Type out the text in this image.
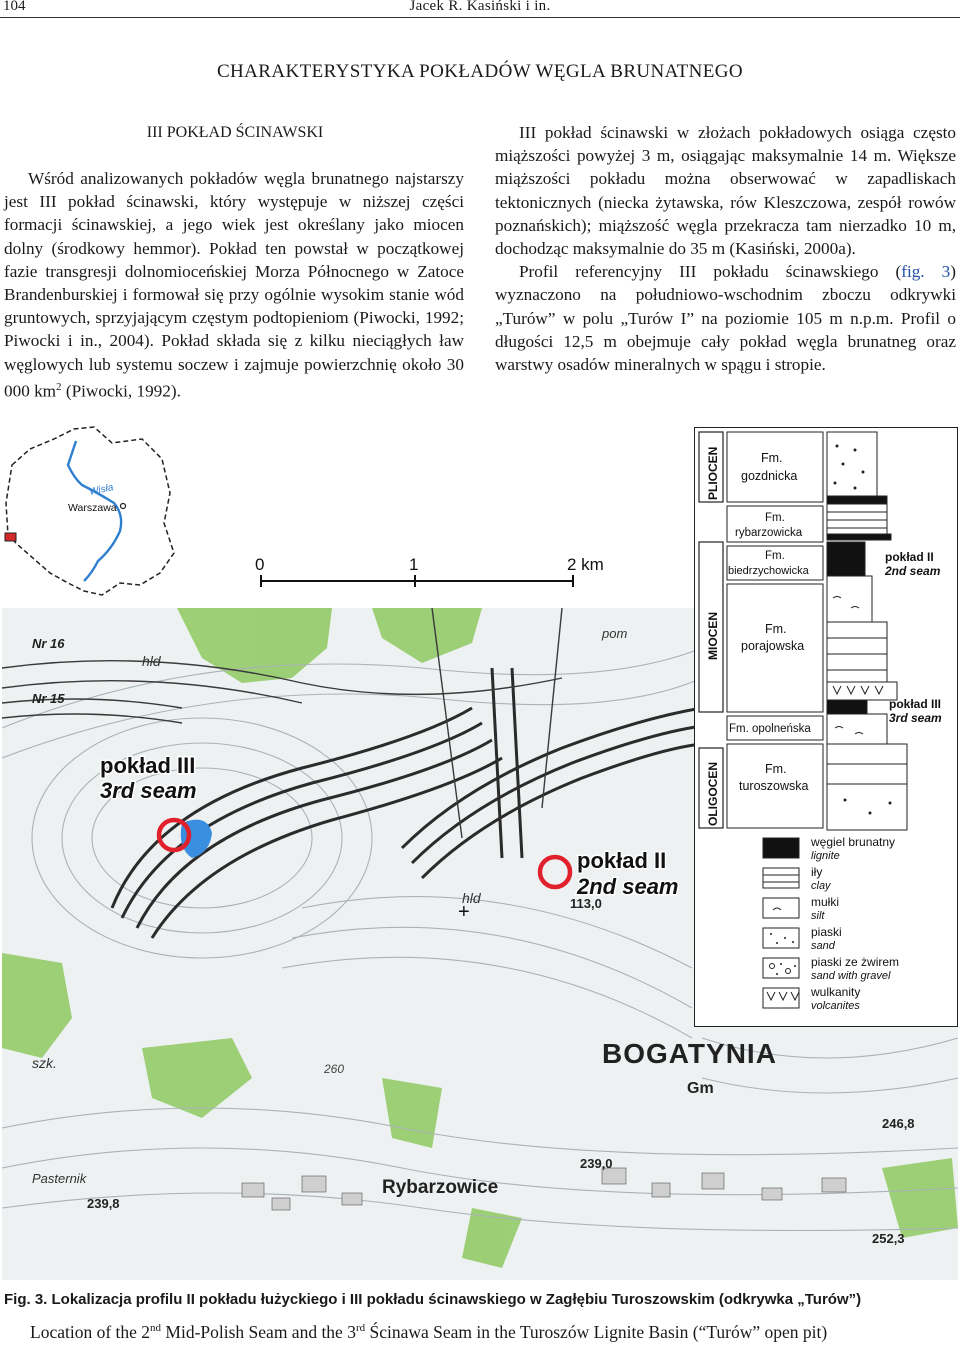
104	Jacek R. Kasiński i in.
CHARAKTERYSTYKA POKŁADÓW WĘGLA BRUNATNEGO
III POKŁAD ŚCINAWSKI

Wśród analizowanych pokładów węgla brunatnego najstarszy jest III pokład ścinawski, który występuje w niższej części formacji ścinawskiej, a jego wiek jest określany jako miocen dolny (środkowy hemmor). Pokład ten powstał w początkowej fazie transgresji dolnomioceńskiej Morza Północnego w Zatoce Brandenburskiej i formował się przy ogólnie wysokim stanie wód gruntowych, sprzyjającym częstym podtopieniom (Piwocki, 1992; Piwocki i in., 2004). Pokład składa się z kilku nieciągłych ław węglowych lub systemu soczew i zajmuje powierzchnię około 30 000 $km^2$ (Piwocki, 1992).

III pokład ścinawski w złożach pokładowych osiąga często miąższości powyżej 3 m, osiągając maksymalnie 14 m. Większe miąższości pokładu można obserwować w zapadliskach tektonicznych (niecka żytawska, rów Kleszczowa, zespół rowów poznańskich); miąższość węgla przekracza tam nierzadko 10 m, dochodząc maksymalnie do 35 m (Kasiński, 2000a).

Profil referencyjny III pokładu ścinawskiego (fig. 3) wyznaczono na południowo-wschodnim zboczu odkrywki „Turów” w polu „Turów I” na poziomie 105 m n.p.m. Profil o długości 12,5 m obejmuje cały pokład węgla brunatneg oraz warstwy osadów mineralnych w spągu i stropie.

Wisła
Warszawa
0	1	2 km
Nr 16
Nr 15
hld
hld
szk.
pom
Pasternik
BOGATYNIA
Gm
Rybarzowice
113,0
260
239,0
239,8
246,8
252,3
pokład III
3rd seam
pokład II
2nd seam
+
PLIOCEN
MIOCEN
OLIGOCEN
Fm.
gozdnicka
Fm.
rybarzowicka
Fm.
biedrzychowicka
Fm.
porajowska
Fm. opolneńska
Fm.
turoszowska
pokład II
2nd seam
pokład III
3rd seam
węgiel brunatny
lignite
iły
clay
mułki
silt
piaski
sand
piaski ze żwirem
sand with gravel
wulkanity
volcanites
Fig. 3. Lokalizacja profilu II pokładu łużyckiego i III pokładu ścinawskiego w Zagłębiu Turoszowskim (odkrywka „Turów”)
Location of the 2nd Mid-Polish Seam and the 3rd Ścinawa Seam in the Turoszów Lignite Basin (“Turów” open pit)
